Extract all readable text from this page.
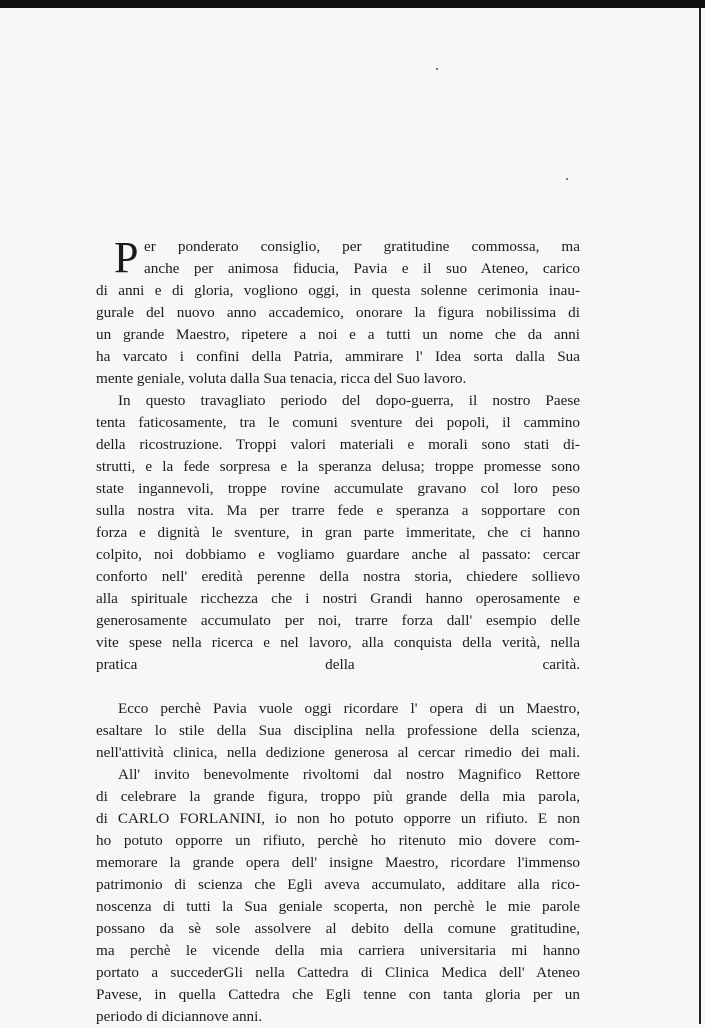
P er ponderato consiglio, per gratitudine commossa, ma
anche per animosa fiducia, Pavia e il suo Ateneo, carico
di anni e di gloria, vogliono oggi, in questa solenne cerimonia inau-
gurale del nuovo anno accademico, onorare la figura nobilissima di
un grande Maestro, ripetere a noi e a tutti un nome che da anni
ha varcato i confini della Patria, ammirare l' Idea sorta dalla Sua
mente geniale, voluta dalla Sua tenacia, ricca del Suo lavoro.
In questo travagliato periodo del dopo-guerra, il nostro Paese
tenta faticosamente, tra le comuni sventure dei popoli, il cammino
della ricostruzione. Troppi valori materiali e morali sono stati di-
strutti, e la fede sorpresa e la speranza delusa; troppe promesse sono
state ingannevoli, troppe rovine accumulate gravano col loro peso
sulla nostra vita. Ma per trarre fede e speranza a sopportare con
forza e dignità le sventure, in gran parte immeritate, che ci hanno
colpito, noi dobbiamo e vogliamo guardare anche al passato: cercar
conforto nell' eredità perenne della nostra storia, chiedere sollievo
alla spirituale ricchezza che i nostri Grandi hanno operosamente e
generosamente accumulato per noi, trarre forza dall' esempio delle
vite spese nella ricerca e nel lavoro, alla conquista della verità, nella
pratica della carità.
Ecco perchè Pavia vuole oggi ricordare l' opera di un Maestro,
esaltare lo stile della Sua disciplina nella professione della scienza,
nell'attività clinica, nella dedizione generosa al cercar rimedio dei mali.
All' invito benevolmente rivoltomi dal nostro Magnifico Rettore
di celebrare la grande figura, troppo più grande della mia parola,
di CARLO FORLANINI, io non ho potuto opporre un rifiuto. E non
ho potuto opporre un rifiuto, perchè ho ritenuto mio dovere com-
memorare la grande opera dell' insigne Maestro, ricordare l'immenso
patrimonio di scienza che Egli aveva accumulato, additare alla rico-
noscenza di tutti la Sua geniale scoperta, non perchè le mie parole
possano da sè sole assolvere al debito della comune gratitudine,
ma perchè le vicende della mia carriera universitaria mi hanno
portato a succederGli nella Cattedra di Clinica Medica dell' Ateneo
Pavese, in quella Cattedra che Egli tenne con tanta gloria per un
periodo di diciannove anni.
